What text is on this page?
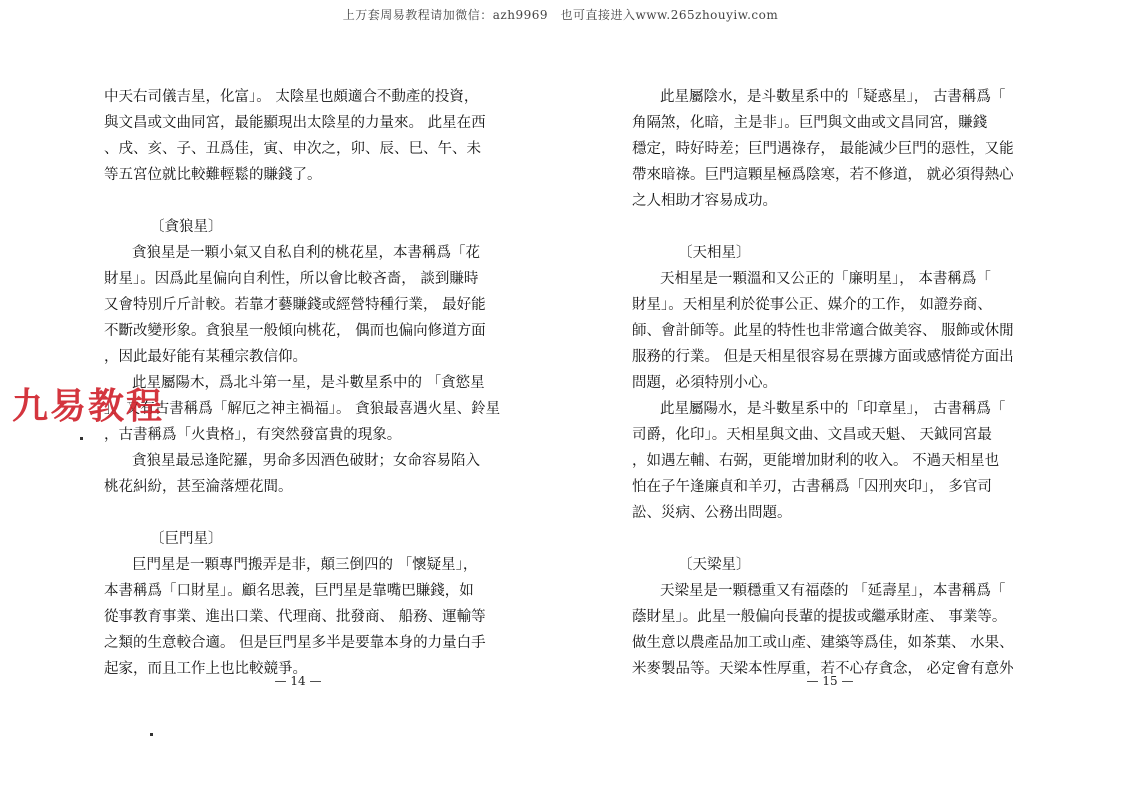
上万套周易教程请加微信：azh9969　也可直接进入www.265zhouyiw.com
中天右司儀吉星，化富」。 太陰星也頗適合不動產的投資，
與文昌或文曲同宮，最能顯現出太陰星的力量來。 此星在西
、戌、亥、子、丑爲佳，寅、申次之，卯、辰、巳、午、未
等五宮位就比較難輕鬆的賺錢了。
〔貪狼星〕
貪狼星是一顆小氣又自私自利的桃花星，本書稱爲「花
財星」。因爲此星偏向自利性，所以會比較吝嗇， 談到賺時
又會特別斤斤計較。若靠才藝賺錢或經營特種行業， 最好能
不斷改變形象。貪狼星一般傾向桃花， 偶而也偏向修道方面
，因此最好能有某種宗教信仰。
此星屬陽木，爲北斗第一星，是斗數星系中的 「貪慾星
」。又有古書稱爲「解厄之神主禍福」。 貪狼最喜遇火星、鈴星
，古書稱爲「火貴格」，有突然發富貴的現象。
貪狼星最忌逢陀羅，男命多因酒色破財；女命容易陷入
桃花糾紛，甚至淪落煙花間。
〔巨門星〕
巨門星是一顆專門搬弄是非，顛三倒四的 「懷疑星」，
本書稱爲「口財星」。顧名思義，巨門星是靠嘴巴賺錢，如
從事教育事業、進出口業、代理商、批發商、 船務、運輸等
之類的生意較合適。 但是巨門星多半是要靠本身的力量白手
起家，而且工作上也比較競爭。
— 14 —
此星屬陰水，是斗數星系中的「疑惑星」， 古書稱爲「
角隔煞，化暗，主是非」。巨門與文曲或文昌同宮，賺錢
穩定，時好時差；巨門遇祿存， 最能減少巨門的惡性，又能
帶來暗祿。巨門這顆星極爲陰寒，若不修道， 就必須得熱心
之人相助才容易成功。
〔天相星〕
天相星是一顆溫和又公正的「廉明星」， 本書稱爲「
財星」。天相星利於從事公正、媒介的工作， 如證券商、
師、會計師等。此星的特性也非常適合做美容、 服飾或休閒
服務的行業。 但是天相星很容易在票據方面或感情從方面出
問題，必須特別小心。
此星屬陽水，是斗數星系中的「印章星」， 古書稱爲「
司爵，化印」。天相星與文曲、文昌或天魁、 天鉞同宮最
，如遇左輔、右弼，更能增加財利的收入。 不過天相星也
怕在子午逢廉貞和羊刃，古書稱爲「囚刑夾印」， 多官司
訟、災病、公務出問題。
〔天梁星〕
天梁星是一顆穩重又有福蔭的 「延壽星」，本書稱爲「
蔭財星」。此星一般偏向長輩的提拔或繼承財產、 事業等。
做生意以農產品加工或山產、建築等爲佳，如茶葉、 水果、
米麥製品等。天梁本性厚重，若不心存貪念， 必定會有意外
— 15 —
九易教程
